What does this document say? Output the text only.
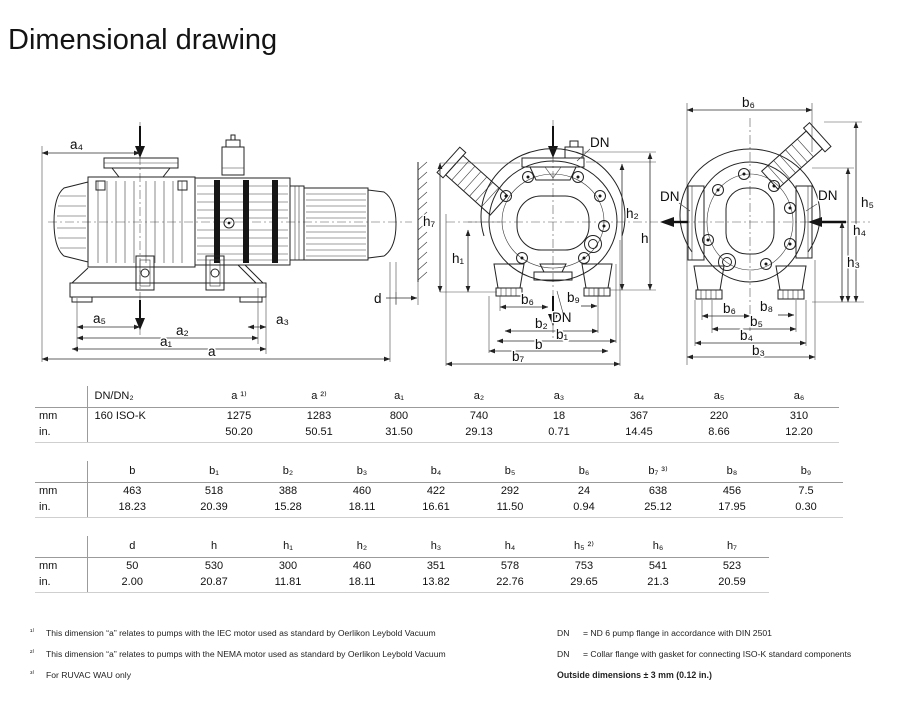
Dimensional drawing
a₄
d
a₅	a₃
a₂
a₁
a
DN
DN
h₇
h₁
h₂
h
b₆ b₉
b₂
b₁
b
b₇
b₆
DN	DN h₅
h₄
h₃
b₆ b₈
b₅
b₄
b₃
	DN/DN₂	a ¹⁾	a ²⁾	a₁	a₂	a₃	a₄	a₅	a₆
mm	160 ISO-K	1275	1283	800	740	18	367	220	310
in.		50.20	50.51	31.50	29.13	0.71	14.45	8.66	12.20
	b	b₁	b₂	b₃	b₄	b₅	b₆	b₇ ³⁾	b₈	b₉
mm	463	518	388	460	422	292	24	638	456	7.5
in.	18.23	20.39	15.28	18.11	16.61	11.50	0.94	25.12	17.95	0.30
	d	h	h₁	h₂	h₃	h₄	h₅ ²⁾	h₆	h₇
mm	50	530	300	460	351	578	753	541	523
in.	2.00	20.87	11.81	18.11	13.82	22.76	29.65	21.3	20.59
¹⁾	This dimension “a” relates to pumps with the IEC motor used as standard by Oerlikon Leybold Vacuum
²⁾	This dimension “a” relates to pumps with the NEMA motor used as standard by Oerlikon Leybold Vacuum
³⁾	For RUVAC WAU only
DN	= ND 6 pump flange in accordance with DIN 2501
DN	= Collar flange with gasket for connecting ISO-K standard components
Outside dimensions ± 3 mm (0.12 in.)
